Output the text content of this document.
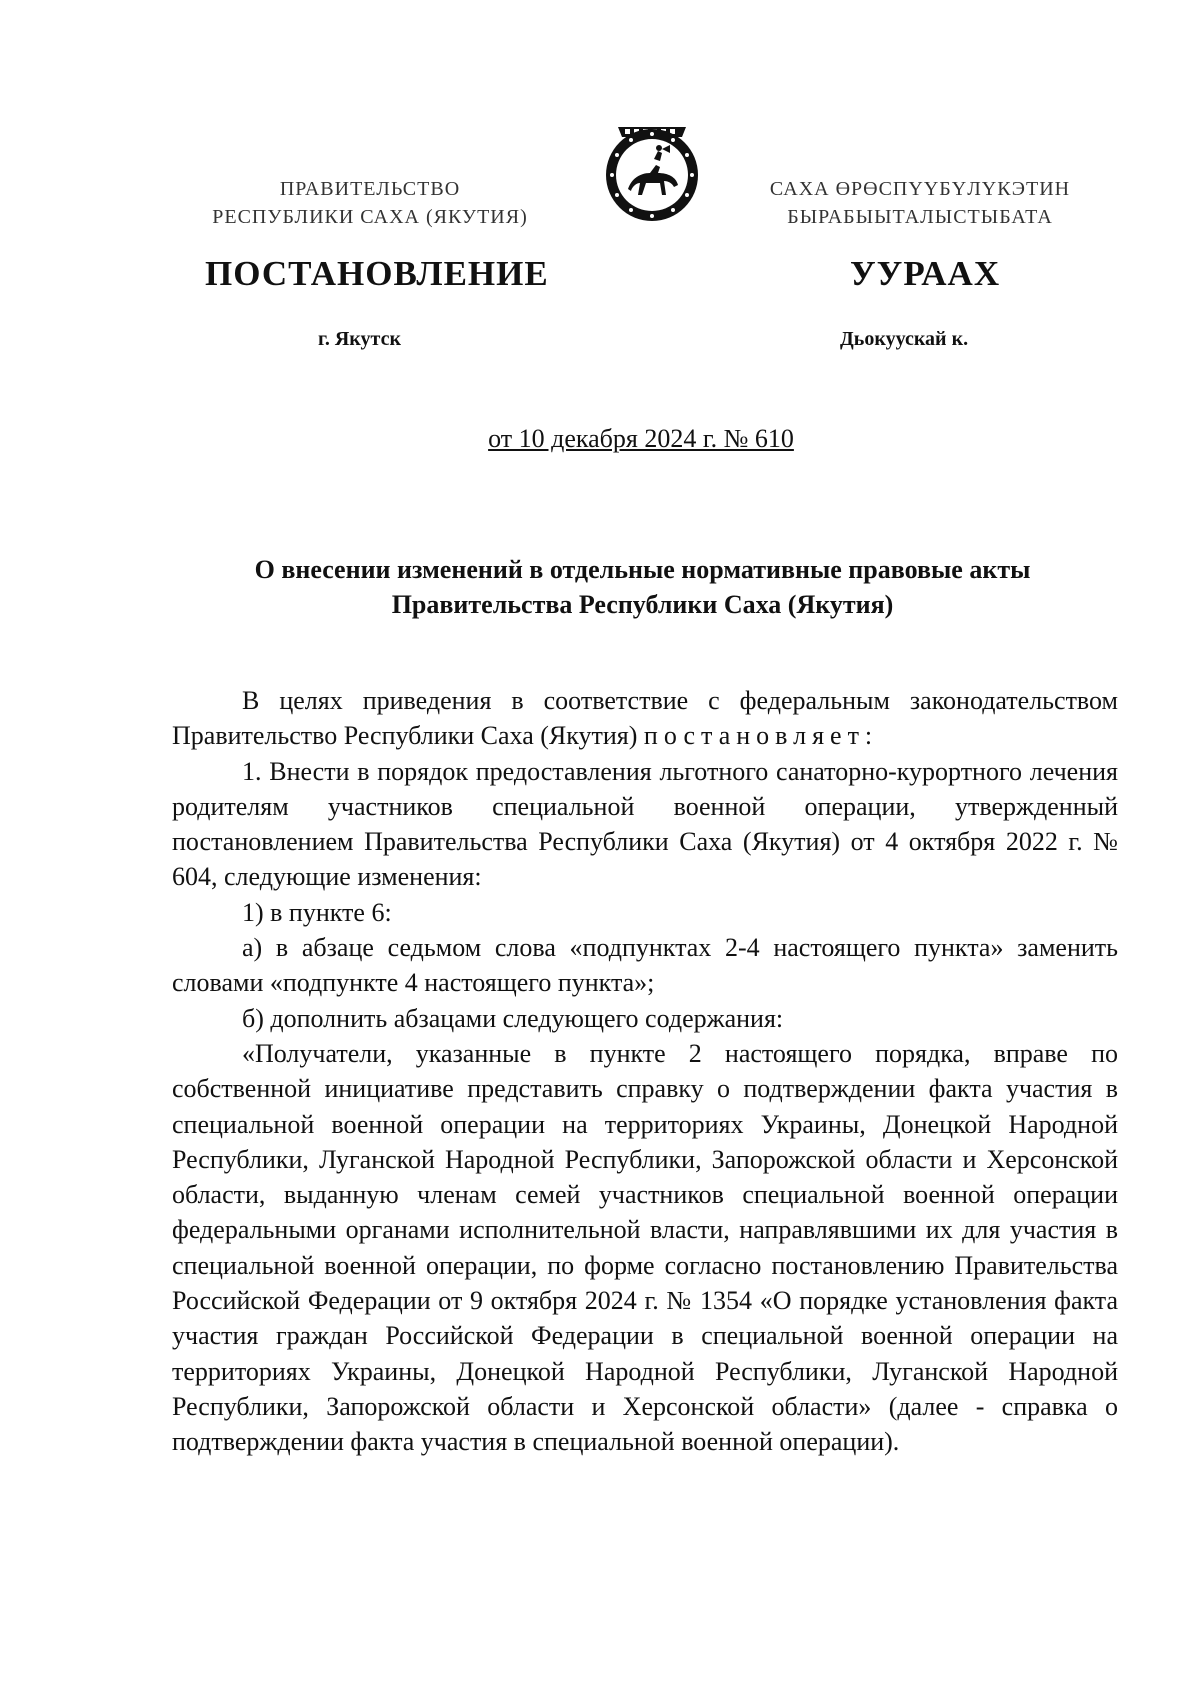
ПРАВИТЕЛЬСТВО
РЕСПУБЛИКИ САХА (ЯКУТИЯ)
САХА ӨРӨСПҮҮБҮЛҮКЭТИН
БЫРАБЫЫТАЛЫСТЫБАТА
ПОСТАНОВЛЕНИЕ	УУРААХ
г. Якутск	Дьокуускай к.
от 10 декабря 2024 г. № 610
О внесении изменений в отдельные нормативные правовые акты
Правительства Республики Саха (Якутия)

В целях приведения в соответствие с федеральным законодательством Правительство Республики Саха (Якутия) постановляет:

1. Внести в порядок предоставления льготного санаторно-курортного лечения родителям участников специальной военной операции, утвержденный постановлением Правительства Республики Саха (Якутия) от 4 октября 2022 г. № 604, следующие изменения:

1) в пункте 6:

а) в абзаце седьмом слова «подпунктах 2-4 настоящего пункта» заменить словами «подпункте 4 настоящего пункта»;

б) дополнить абзацами следующего содержания:

«Получатели, указанные в пункте 2 настоящего порядка, вправе по собственной инициативе представить справку о подтверждении факта участия в специальной военной операции на территориях Украины, Донецкой Народной Республики, Луганской Народной Республики, Запорожской области и Херсонской области, выданную членам семей участников специальной военной операции федеральными органами исполнительной власти, направлявшими их для участия в специальной военной операции, по форме согласно постановлению Правительства Российской Федерации от 9 октября 2024 г. № 1354 «О порядке установления факта участия граждан Российской Федерации в специальной военной операции на территориях Украины, Донецкой Народной Республики, Луганской Народной Республики, Запорожской области и Херсонской области» (далее - справка о подтверждении факта участия в специальной военной операции).
